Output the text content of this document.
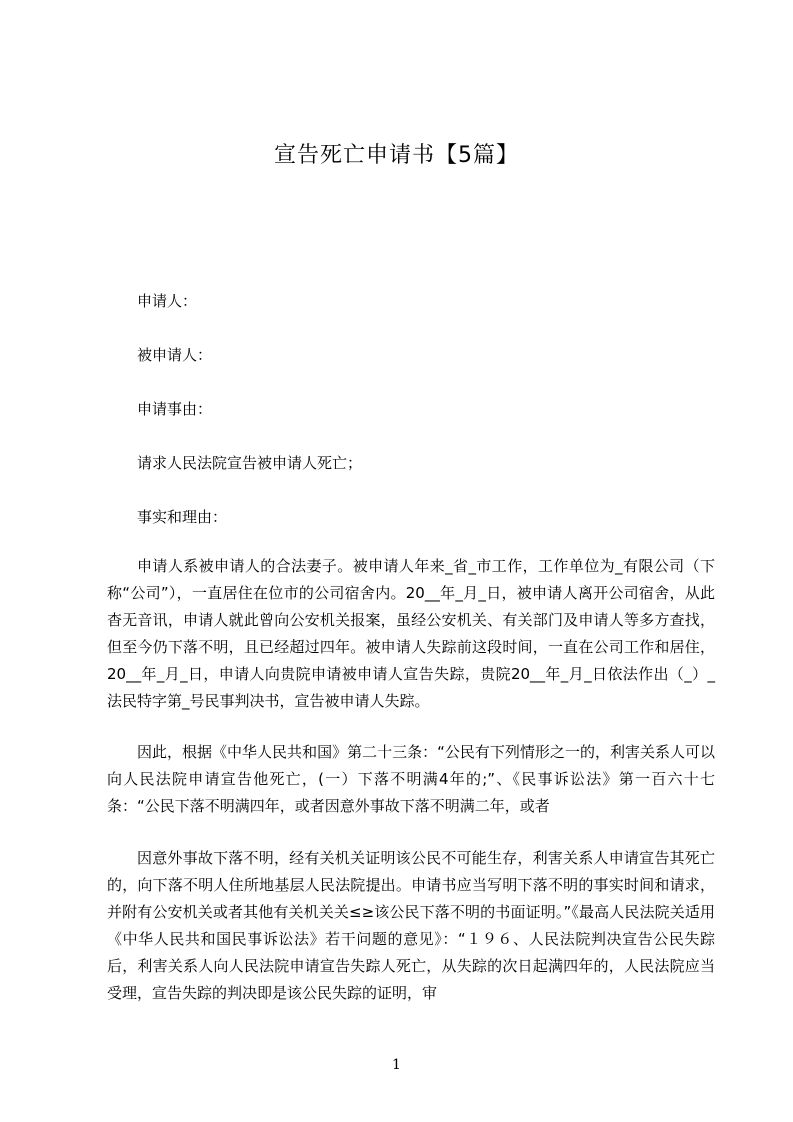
宣告死亡申请书【5篇】
申请人：
被申请人：
申请事由：
请求人民法院宣告被申请人死亡；
事实和理由：

申请人系被申请人的合法妻子。被申请人年来_省_市工作，工作单位为_有限公司（下称“公司”），一直居住在位市的公司宿舍内。20__年_月_日，被申请人离开公司宿舍，从此杳无音讯，申请人就此曾向公安机关报案，虽经公安机关、有关部门及申请人等多方查找，但至今仍下落不明，且已经超过四年。被申请人失踪前这段时间，一直在公司工作和居住，20__年_月_日，申请人向贵院申请被申请人宣告失踪，贵院20__年_月_日依法作出（_）_法民特字第_号民事判决书，宣告被申请人失踪。

因此，根据《中华人民共和国》第二十三条：“公民有下列情形之一的，利害关系人可以向人民法院申请宣告他死亡，(一）下落不明满4年的;”、《民事诉讼法》第一百六十七条：“公民下落不明满四年，或者因意外事故下落不明满二年，或者

因意外事故下落不明，经有关机关证明该公民不可能生存，利害关系人申请宣告其死亡的，向下落不明人住所地基层人民法院提出。申请书应当写明下落不明的事实时间和请求，并附有公安机关或者其他有关机关关≤≥该公民下落不明的书面证明。”《最高人民法院关适用《中华人民共和国民事诉讼法》若干问题的意见》：“１９６、人民法院判决宣告公民失踪后，利害关系人向人民法院申请宣告失踪人死亡，从失踪的次日起满四年的，人民法院应当受理，宣告失踪的判决即是该公民失踪的证明，审

1
